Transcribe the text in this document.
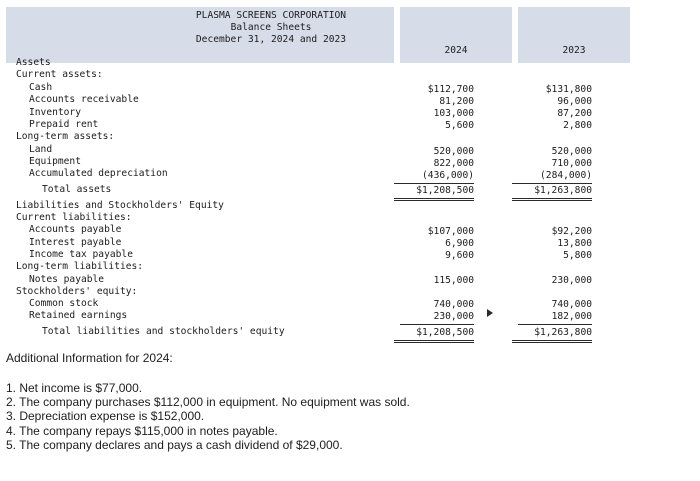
PLASMA SCREENS CORPORATION
Balance Sheets
December 31, 2024 and 2023
2024	2023
Assets
Current assets:
Cash
Accounts receivable
Inventory
Prepaid rent
Long-term assets:
Land
Equipment
Accumulated depreciation
Total assets
Liabilities and Stockholders' Equity
Current liabilities:
Accounts payable
Interest payable
Income tax payable
Long-term liabilities:
Notes payable
Stockholders' equity:
Common stock
Retained earnings
Total liabilities and stockholders' equity
$112,700
81,200
103,000
5,600
520,000
822,000
(436,000)
$1,208,500
$107,000
6,900
9,600
115,000
740,000
230,000
$1,208,500
$131,800
96,000
87,200
2,800
520,000
710,000
(284,000)
$1,263,800
$92,200
13,800
5,800
230,000
740,000
182,000
$1,263,800
Additional Information for 2024:
1. Net income is $77,000.
2. The company purchases $112,000 in equipment. No equipment was sold.
3. Depreciation expense is $152,000.
4. The company repays $115,000 in notes payable.
5. The company declares and pays a cash dividend of $29,000.
